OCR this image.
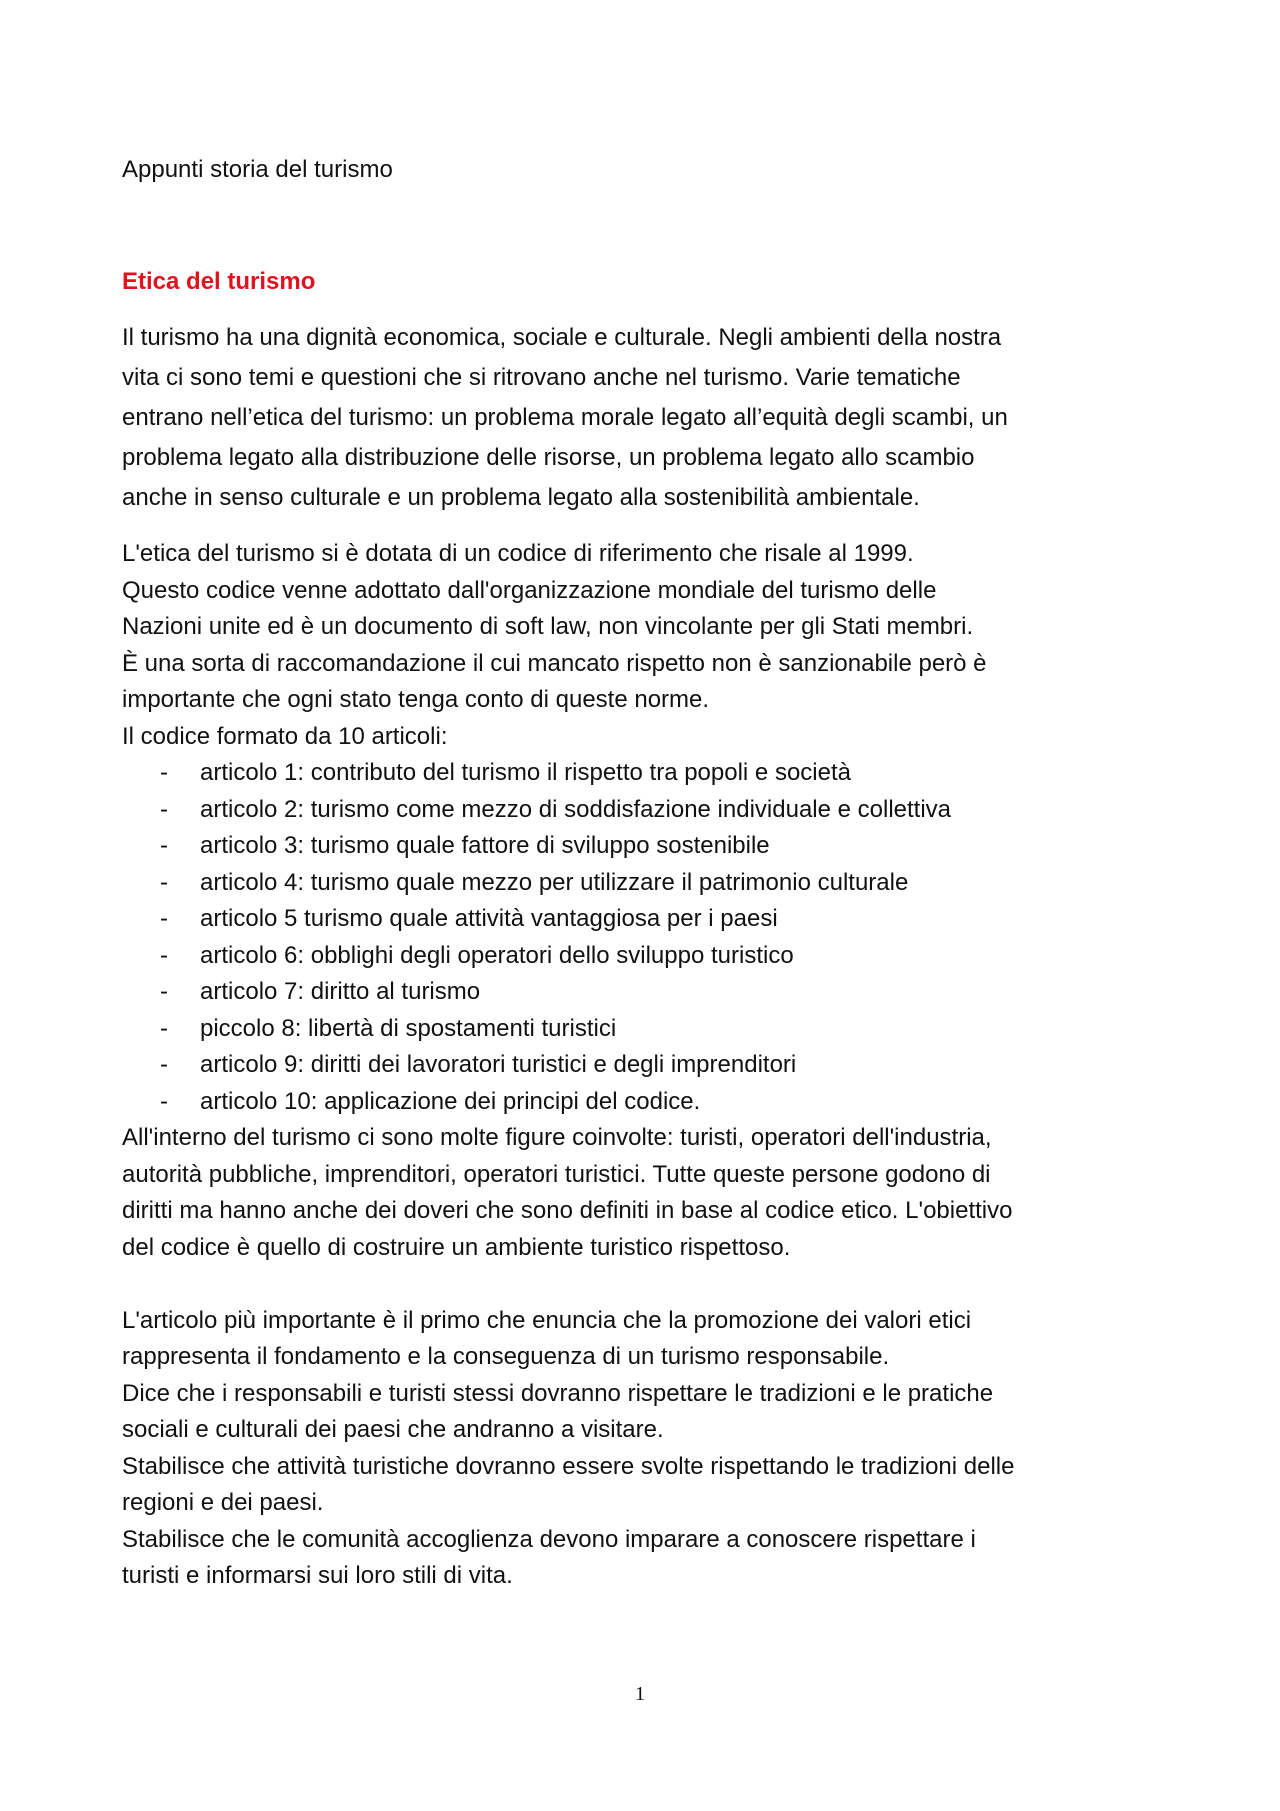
Appunti storia del turismo

Etica del turismo

Il turismo ha una dignità economica, sociale e culturale. Negli ambienti della nostra
vita ci sono temi e questioni che si ritrovano anche nel turismo. Varie tematiche
entrano nell’etica del turismo: un problema morale legato all’equità degli scambi, un
problema legato alla distribuzione delle risorse, un problema legato allo scambio
anche in senso culturale e un problema legato alla sostenibilità ambientale.

L'etica del turismo si è dotata di un codice di riferimento che risale al 1999.
Questo codice venne adottato dall'organizzazione mondiale del turismo delle
Nazioni unite ed è un documento di soft law, non vincolante per gli Stati membri.
È una sorta di raccomandazione il cui mancato rispetto non è sanzionabile però è
importante che ogni stato tenga conto di queste norme.
Il codice formato da 10 articoli:
- articolo 1: contributo del turismo il rispetto tra popoli e società
- articolo 2: turismo come mezzo di soddisfazione individuale e collettiva
- articolo 3: turismo quale fattore di sviluppo sostenibile
- articolo 4: turismo quale mezzo per utilizzare il patrimonio culturale
- articolo 5 turismo quale attività vantaggiosa per i paesi
- articolo 6: obblighi degli operatori dello sviluppo turistico
- articolo 7: diritto al turismo
- piccolo 8: libertà di spostamenti turistici
- articolo 9: diritti dei lavoratori turistici e degli imprenditori
- articolo 10: applicazione dei principi del codice.
All'interno del turismo ci sono molte figure coinvolte: turisti, operatori dell'industria,
autorità pubbliche, imprenditori, operatori turistici. Tutte queste persone godono di
diritti ma hanno anche dei doveri che sono definiti in base al codice etico. L'obiettivo
del codice è quello di costruire un ambiente turistico rispettoso.
L'articolo più importante è il primo che enuncia che la promozione dei valori etici
rappresenta il fondamento e la conseguenza di un turismo responsabile.
Dice che i responsabili e turisti stessi dovranno rispettare le tradizioni e le pratiche
sociali e culturali dei paesi che andranno a visitare.
Stabilisce che attività turistiche dovranno essere svolte rispettando le tradizioni delle
regioni e dei paesi.
Stabilisce che le comunità accoglienza devono imparare a conoscere rispettare i
turisti e informarsi sui loro stili di vita.
1
